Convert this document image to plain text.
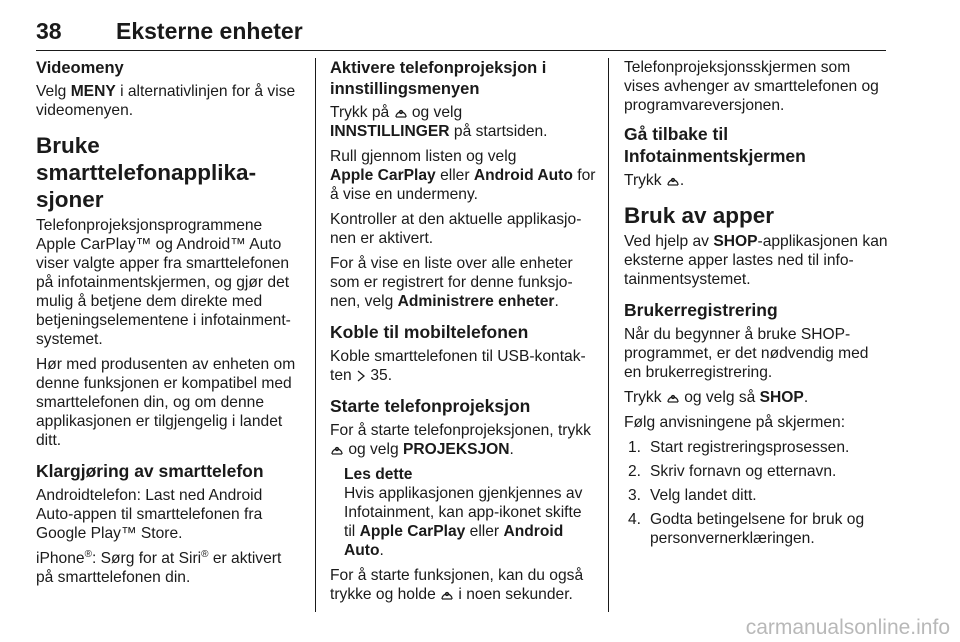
38 Eksterne enheter
Videomeny

Velg MENY i alternativlinjen for å vise videomenyen.

Bruke smarttelefonapplikasjoner

Telefonprojeksjonsprogrammene Apple CarPlay™ og Android™ Auto viser valgte apper fra smarttelefonen på infotainmentskjermen, og gjør det mulig å betjene dem direkte med betjeningselementene i infotainmentsystemet.

Hør med produsenten av enheten om denne funksjonen er kompatibel med smarttelefonen din, og om denne applikasjonen er tilgjengelig i landet ditt.

Klargjøring av smarttelefon

Androidtelefon: Last ned Android Auto-appen til smarttelefonen fra Google Play™ Store.

iPhone®: Sørg for at Siri® er aktivert på smarttelefonen din.

Aktivere telefonprojeksjon i innstillingsmenyen

Trykk på  og velg
INNSTILLINGER på startsiden.

Rull gjennom listen og velg
Apple CarPlay eller Android Auto for å vise en undermeny.

Kontroller at den aktuelle applikasjonen er aktivert.

For å vise en liste over alle enheter som er registrert for denne funksjonen, velg Administrere enheter.

Koble til mobiltelefonen

Koble smarttelefonen til USB-kontakten  35.

Starte telefonprojeksjon

For å starte telefonprojeksjonen, trykk  og velg PROJEKSJON.

Les dette

Hvis applikasjonen gjenkjennes av Infotainment, kan app-ikonet skifte til Apple CarPlay eller Android Auto.

For å starte funksjonen, kan du også trykke og holde  i noen sekunder.

Telefonprojeksjonsskjermen som vises avhenger av smarttelefonen og programvareversjonen.

Gå tilbake til Infotainmentskjermen

Trykk .

Bruk av apper

Ved hjelp av SHOP-applikasjonen kan eksterne apper lastes ned til infotainmentsystemet.

Brukerregistrering

Når du begynner å bruke SHOP-programmet, er det nødvendig med en brukerregistrering.

Trykk  og velg så SHOP.

Følg anvisningene på skjermen:

1. Start registreringsprosessen.
2. Skriv fornavn og etternavn.
3. Velg landet ditt.
4. Godta betingelsene for bruk og personvernerklæringen.
carmanualsonline.info
